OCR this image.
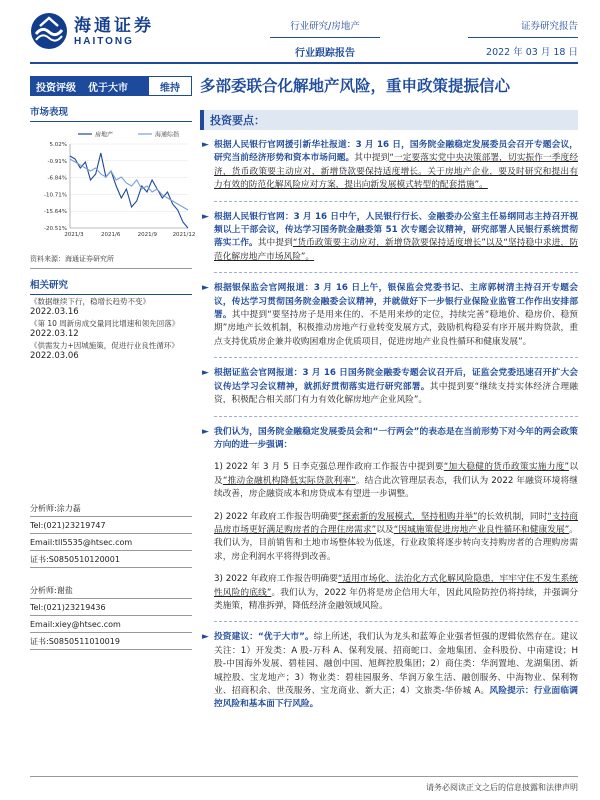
海通证券
HAITONG
行业研究/房地产
行业跟踪报告
证券研究报告
2022 年 03 月 18 日
投资评级	优于大市	维持	多部委联合化解地产风险，重申政策提振信心
市场表现
房地产	海通综指
5.02%
-0.91%
-6.84%
-10.71%
-15.64%
-20.51%
2021/3	2021/6	2021/9	2021/12
资料来源：海通证券研究所
相关研究
《数据继续下行，稳增长趋势不变》
2022.03.16
《第 10 周新房成交量同比增速和领先回落》
2022.03.12
《供需发力+因城施策，促进行业良性循环》
2022.03.06
分析师:涂力磊
Tel:(021)23219747
Email:tll5535@htsec.com
证书:S0850510120001
分析师:谢盐
Tel:(021)23219436
Email:xiey@htsec.com
证书:S0850511010019
投资要点：
► 根据人民银行官网援引新华社报道：3 月 16 日，国务院金融稳定发展委员会召开专题会议，研究当前经济形势和资本市场问题。其中提到“一定要落实党中央决策部署，切实振作一季度经济，货币政策要主动应对，新增贷款要保持适度增长。关于房地产企业，要及时研究和提出有力有效的防范化解风险应对方案，提出向新发展模式转型的配套措施”。
► 根据人民银行官网：3 月 16 日中午，人民银行行长、金融委办公室主任易纲同志主持召开视频以上干部会议，传达学习国务院金融委第 51 次专题会议精神，研究部署人民银行系统贯彻落实工作。其中提到“货币政策要主动应对，新增贷款要保持适度增长”以及“坚持稳中求进，防范化解房地产市场风险”。
► 根据银保监会官网报道：3 月 16 日上午，银保监会党委书记、主席郭树清主持召开专题会议，传达学习贯彻国务院金融委会议精神，并就做好下一步银行业保险业监管工作作出安排部署。其中提到“要坚持房子是用来住的、不是用来炒的定位，持续完善“稳地价、稳房价、稳预期”房地产长效机制，积极推动房地产行业转变发展方式，鼓励机构稳妥有序开展并购贷款，重点支持优质房企兼并收购困难房企优质项目，促进房地产业良性循环和健康发展”。
► 根据证监会官网报道：3 月 16 日国务院金融委专题会议召开后，证监会党委迅速召开扩大会议传达学习会议精神，就抓好贯彻落实进行研究部署。其中提到要“继续支持实体经济合理融资，积极配合相关部门有力有效化解房地产企业风险”。
► 我们认为，国务院金融稳定发展委员会和“一行两会”的表态是在当前形势下对今年的两会政策方向的进一步强调：
1) 2022 年 3 月 5 日李克强总理作政府工作报告中提到要“加大稳健的货币政策实施力度”以及“推动金融机构降低实际贷款利率”。结合此次管理层表态，我们认为 2022 年融资环境将继续改善，房企融资成本和房贷成本有望进一步调整。
2) 2022 年政府工作报告明确要“探索新的发展模式，坚持租购并举”的长效机制，同时“支持商品房市场更好满足购房者的合理住房需求”以及“因城施策促进房地产业良性循环和健康发展”。我们认为，目前销售和土地市场整体较为低迷，行业政策将逐步转向支持购房者的合理购房需求，房企利润水平将得到改善。
3) 2022 年政府工作报告明确要“适用市场化、法治化方式化解风险隐患，牢牢守住不发生系统性风险的底线”。我们认为，2022 年仍将是房企信用大年，因此风险防控仍将持续，并强调分类施策，精准拆弹，降低经济金融领域风险。
► 投资建议：“优于大市”。综上所述，我们认为龙头和蓝筹企业强者恒强的逻辑依然存在。建议关注：1）开发类：A 股-万科 A、保利发展、招商蛇口、金地集团、金科股份、中南建设；H 股-中国海外发展、碧桂园、融创中国、旭辉控股集团；2）商住类：华润置地、龙湖集团、新城控股、宝龙地产；3）物业类：碧桂园服务、华润万象生活、融创服务、中海物业、保利物业、招商积余、世茂服务、宝龙商业、新大正；4）文旅类-华侨城 A。风险提示：行业面临调控风险和基本面下行风险。
请务必阅读正文之后的信息披露和法律声明
